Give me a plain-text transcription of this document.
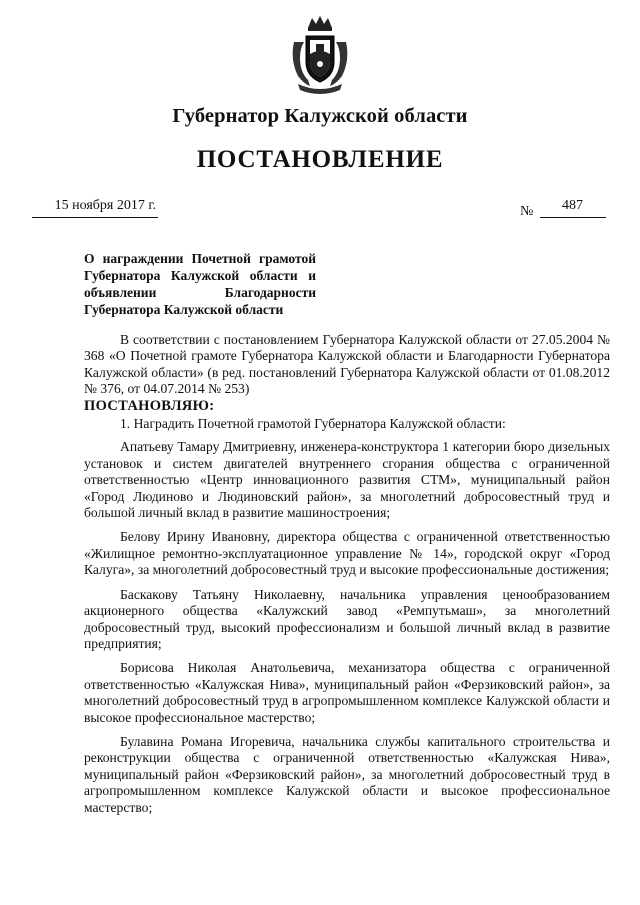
Губернатор Калужской области
ПОСТАНОВЛЕНИЕ
15 ноября 2017 г.	№ 487
О награждении Почетной грамотой Губернатора Калужской области и объявлении Благодарности Губернатора Калужской области

В соответствии с постановлением Губернатора Калужской области от 27.05.2004 № 368 «О Почетной грамоте Губернатора Калужской области и Благодарности Губернатора Калужской области» (в ред. постановлений Губернатора Калужской области от 01.08.2012 № 376, от 04.07.2014 № 253)

ПОСТАНОВЛЯЮ:

1. Наградить Почетной грамотой Губернатора Калужской области:

Апатьеву Тамару Дмитриевну, инженера-конструктора 1 категории бюро дизельных установок и систем двигателей внутреннего сгорания общества с ограниченной ответственностью «Центр инновационного развития СТМ», муниципальный район «Город Людиново и Людиновский район», за многолетний добросовестный труд и большой личный вклад в развитие машиностроения;

Белову Ирину Ивановну, директора общества с ограниченной ответственностью «Жилищное ремонтно-эксплуатационное управление № 14», городской округ «Город Калуга», за многолетний добросовестный труд и высокие профессиональные достижения;

Баскакову Татьяну Николаевну, начальника управления ценообразованием акционерного общества «Калужский завод «Ремпутьмаш», за многолетний добросовестный труд, высокий профессионализм и большой личный вклад в развитие предприятия;

Борисова Николая Анатольевича, механизатора общества с ограниченной ответственностью «Калужская Нива», муниципальный район «Ферзиковский район», за многолетний добросовестный труд в агропромышленном комплексе Калужской области и высокое профессиональное мастерство;

Булавина Романа Игоревича, начальника службы капитального строительства и реконструкции общества с ограниченной ответственностью «Калужская Нива», муниципальный район «Ферзиковский район», за многолетний добросовестный труд в агропромышленном комплексе Калужской области и высокое профессиональное мастерство;
